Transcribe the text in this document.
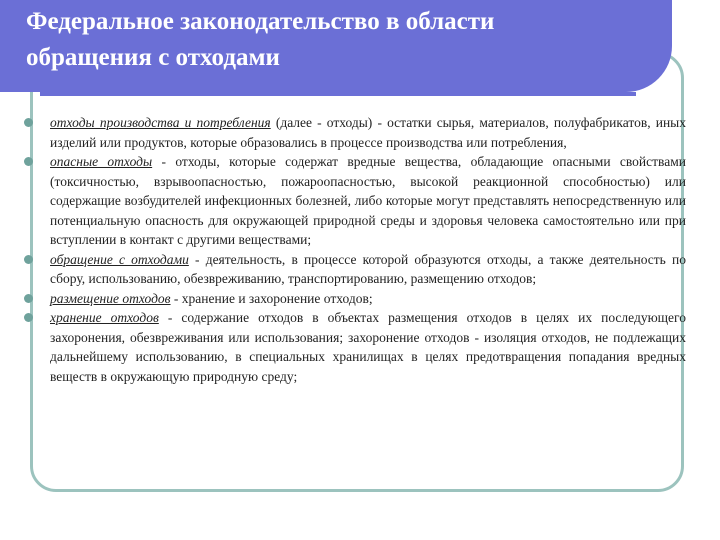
Федеральное законодательство в области
обращения с отходами
отходы производства и потребления (далее - отходы) - остатки сырья, материалов, полуфабрикатов, иных изделий или продуктов, которые образовались в процессе производства или потребления,
опасные отходы - отходы, которые содержат вредные вещества, обладающие опасными свойствами (токсичностью, взрывоопасностью, пожароопасностью, высокой реакционной способностью) или содержащие возбудителей инфекционных болезней, либо которые могут представлять непосредственную или потенциальную опасность для окружающей природной среды и здоровья человека самостоятельно или при вступлении в контакт с другими веществами;
обращение с отходами - деятельность, в процессе которой образуются отходы, а также деятельность по сбору, использованию, обезвреживанию, транспортированию, размещению отходов;
размещение отходов - хранение и захоронение отходов;
хранение отходов - содержание отходов в объектах размещения отходов в целях их последующего захоронения, обезвреживания или использования; захоронение отходов - изоляция отходов, не подлежащих дальнейшему использованию, в специальных хранилищах в целях предотвращения попадания вредных веществ в окружающую природную среду;
